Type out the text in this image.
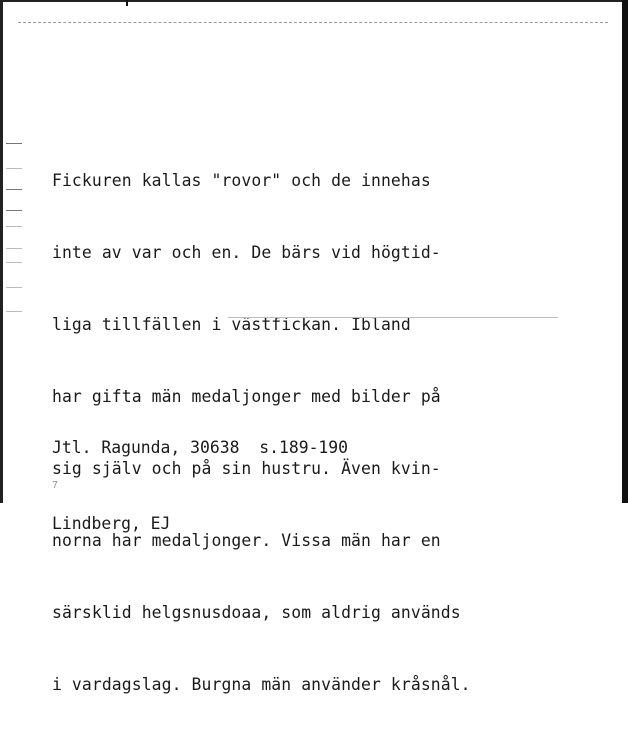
Fickuren kallas "rovor" och de innehas

inte av var och en. De bärs vid högtid-

liga tillfällen i västfickan. Ibland

har gifta män medaljonger med bilder på

sig själv och på sin hustru. Även kvin-

norna har medaljonger. Vissa män har en

särsklid helgsnusdoaa, som aldrig används

i vardagslag. Burgna män använder kråsnål.

Jtl. Ragunda, 30638  s.189-190

Lindberg, EJ

7
